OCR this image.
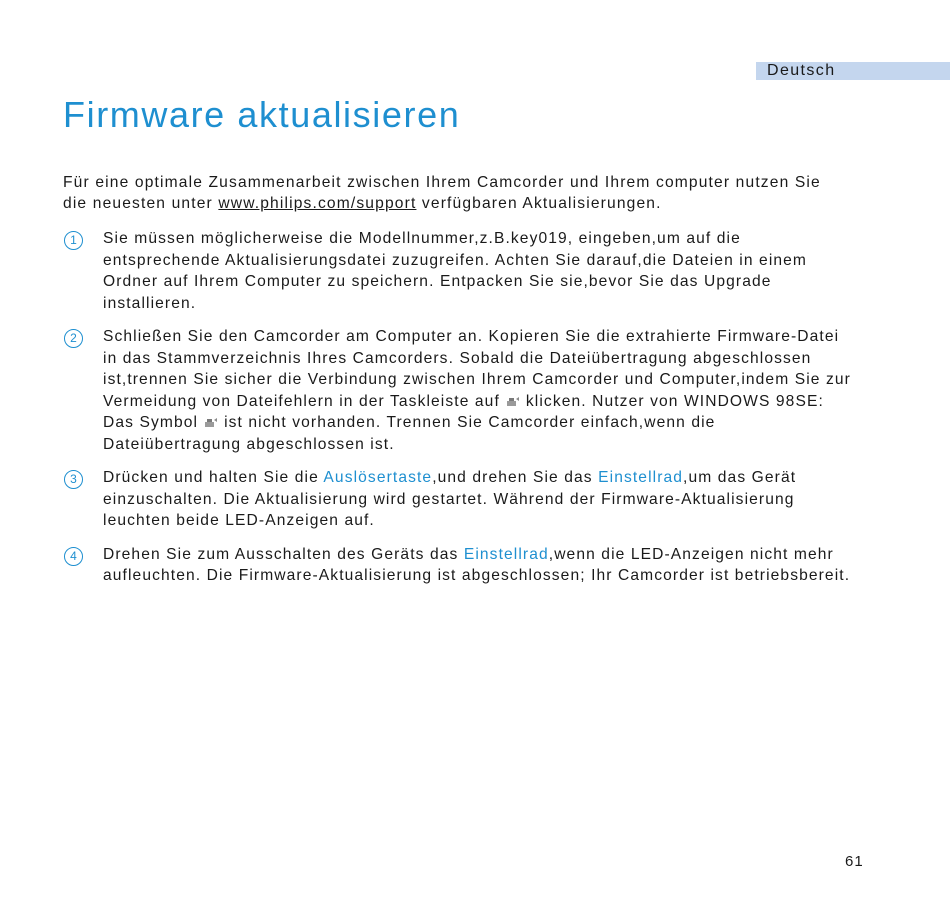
Deutsch
Firmware aktualisieren

Für eine optimale Zusammenarbeit zwischen Ihrem Camcorder und Ihrem computer nutzen Sie die neuesten unter www.philips.com/support verfügbaren Aktualisierungen.

1	Sie müssen möglicherweise die Modellnummer,z.B.key019, eingeben,um auf die entsprechende Aktualisierungsdatei zuzugreifen. Achten Sie darauf,die Dateien in einem Ordner auf Ihrem Computer zu speichern. Entpacken Sie sie,bevor Sie das Upgrade installieren.

2	Schließen Sie den Camcorder am Computer an. Kopieren Sie die extrahierte Firmware-Datei in das Stammverzeichnis Ihres Camcorders. Sobald die Dateiübertragung abgeschlossen ist,trennen Sie sicher die Verbindung zwischen Ihrem Camcorder und Computer,indem Sie zur Vermeidung von Dateifehlern in der Taskleiste auf klicken. Nutzer von WINDOWS 98SE: Das Symbol ist nicht vorhanden. Trennen Sie Camcorder einfach,wenn die Dateiübertragung abgeschlossen ist.

3	Drücken und halten Sie die Auslösertaste,und drehen Sie das Einstellrad,um das Gerät einzuschalten. Die Aktualisierung wird gestartet. Während der Firmware-Aktualisierung leuchten beide LED-Anzeigen auf.

4	Drehen Sie zum Ausschalten des Geräts das Einstellrad,wenn die LED-Anzeigen nicht mehr aufleuchten. Die Firmware-Aktualisierung ist abgeschlossen; Ihr Camcorder ist betriebsbereit.

61
